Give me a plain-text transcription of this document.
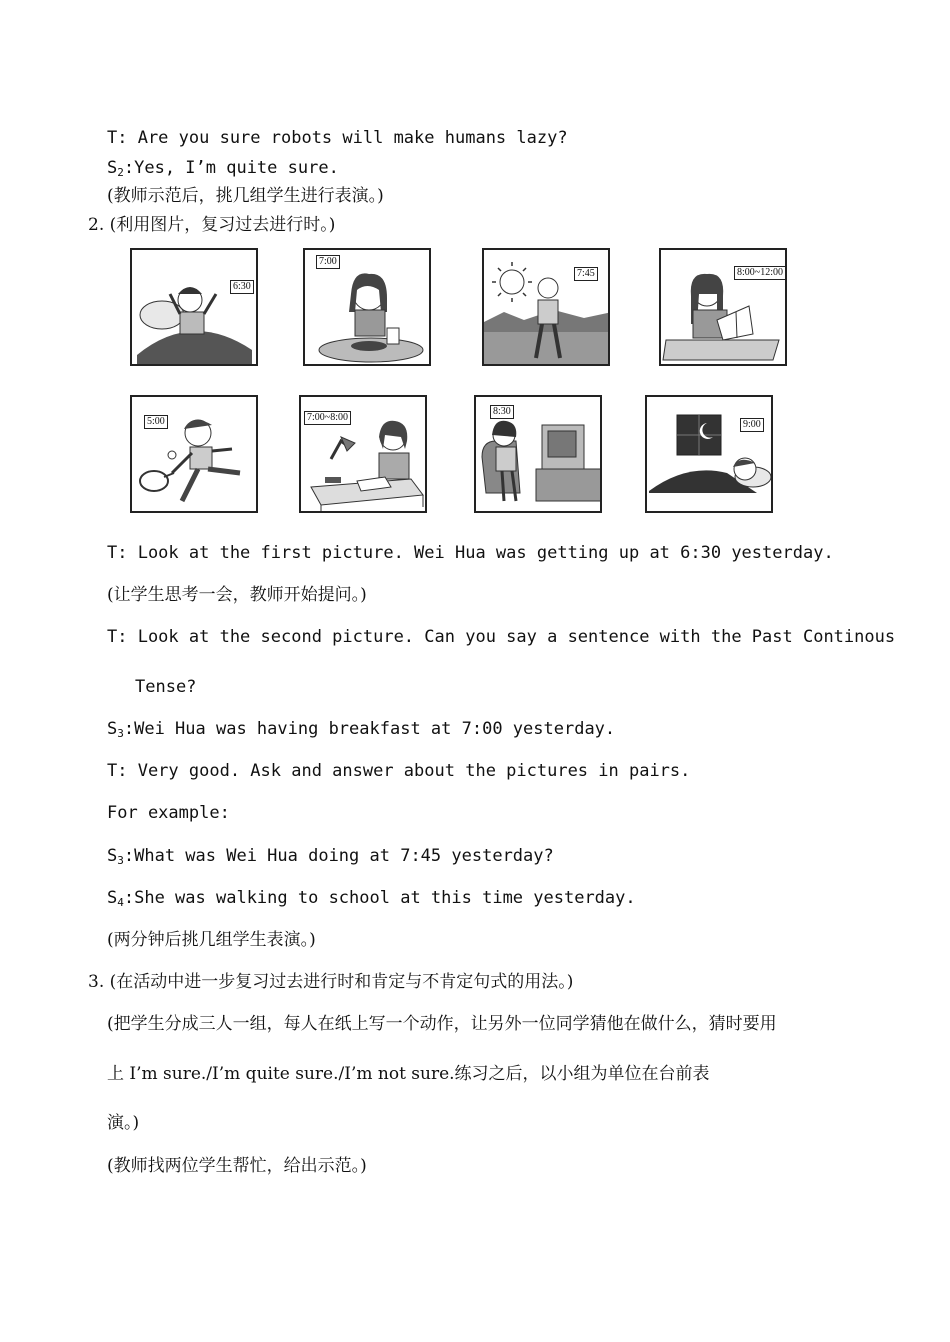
T: Are you sure robots will make humans lazy?
$S_2:Yes$, I’m quite sure.
(教师示范后，挑几组学生进行表演。)
2. (利用图片，复习过去进行时。)
6:30
7:00
7:45	8:00~12:00
5:00	7:00~8:00
8:30
9:00
T: Look at the first picture. Wei Hua was getting up at 6:30 yesterday.
(让学生思考一会，教师开始提问。)
T: Look at the second picture. Can you say a sentence with the Past Continous
Tense?
$S_3:Wei$ Hua was having breakfast at 7:00 yesterday.
T: Very good. Ask and answer about the pictures in pairs.
For example:
$S_3:What$ was Wei Hua doing at 7:45 yesterday?
$S_4:She$ was walking to school at this time yesterday.
(两分钟后挑几组学生表演。)
3. (在活动中进一步复习过去进行时和肯定与不肯定句式的用法。)
(把学生分成三人一组，每人在纸上写一个动作，让另外一位同学猜他在做什么，猜时要用
上 I’m sure./I’m quite sure./I’m not sure.练习之后，以小组为单位在台前表
演。)
(教师找两位学生帮忙，给出示范。)
